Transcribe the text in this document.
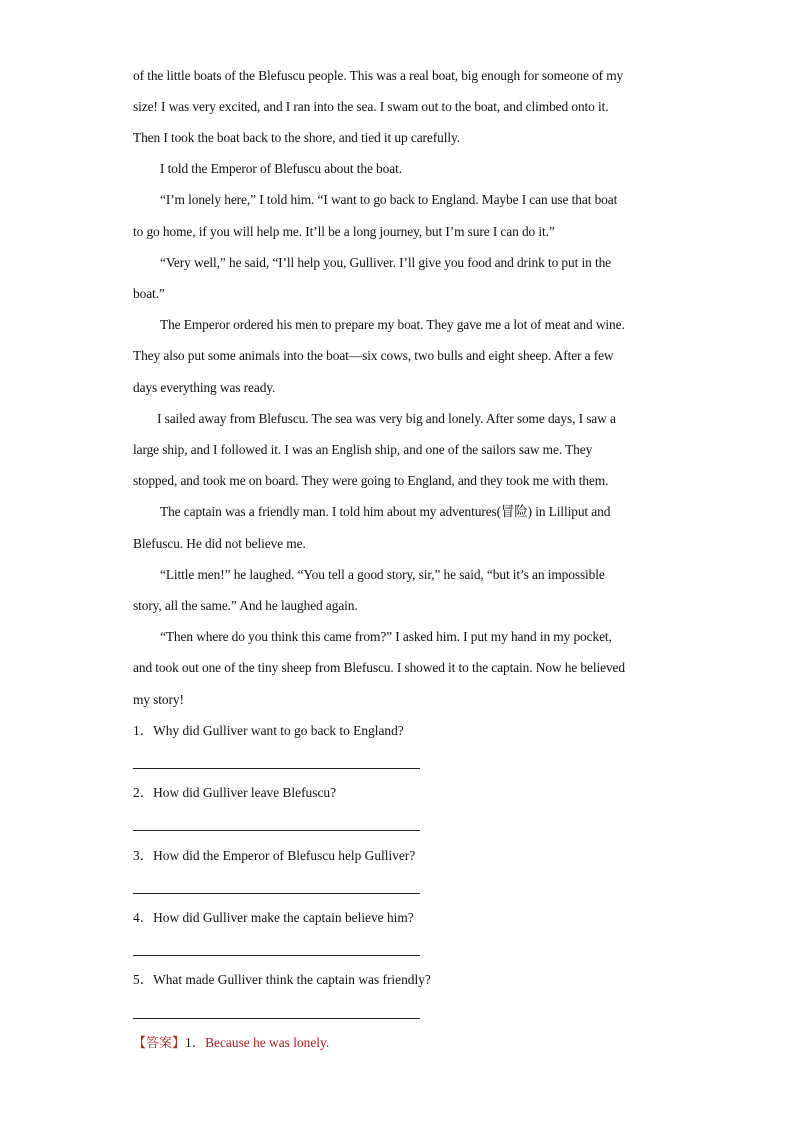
of the little boats of the Blefuscu people. This was a real boat, big enough for someone of my
size! I was very excited, and I ran into the sea. I swam out to the boat, and climbed onto it.
Then I took the boat back to the shore, and tied it up carefully.
I told the Emperor of Blefuscu about the boat.
“I’m lonely here,” I told him. “I want to go back to England. Maybe I can use that boat
to go home, if you will help me. It’ll be a long journey, but I’m sure I can do it.”
“Very well,” he said, “I’ll help you, Gulliver. I’ll give you food and drink to put in the
boat.”
The Emperor ordered his men to prepare my boat. They gave me a lot of meat and wine.
They also put some animals into the boat—six cows, two bulls and eight sheep. After a few
days everything was ready.
I sailed away from Blefuscu. The sea was very big and lonely. After some days, I saw a
large ship, and I followed it. I was an English ship, and one of the sailors saw me. They
stopped, and took me on board. They were going to England, and they took me with them.
The captain was a friendly man. I told him about my adventures(冒险) in Lilliput and
Blefuscu. He did not believe me.
“Little men!” he laughed. “You tell a good story, sir,” he said, “but it’s an impossible
story, all the same.” And he laughed again.
“Then where do you think this came from?” I asked him. I put my hand in my pocket,
and took out one of the tiny sheep from Blefuscu. I showed it to the captain. Now he believed
my story!
1．Why did Gulliver want to go back to England?
2．How did Gulliver leave Blefuscu?
3．How did the Emperor of Blefuscu help Gulliver?
4．How did Gulliver make the captain believe him?
5．What made Gulliver think the captain was friendly?
【答案】1．Because he was lonely.
